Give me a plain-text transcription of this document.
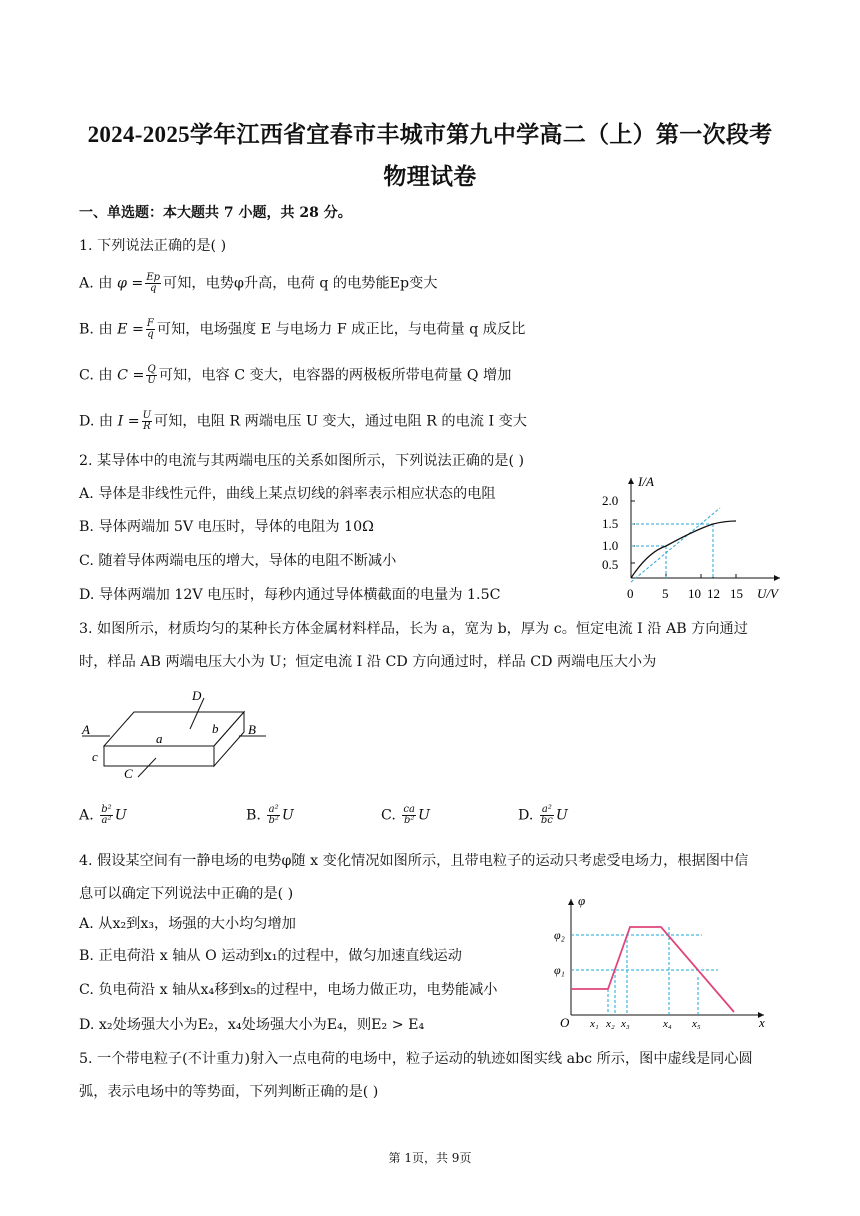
2024-2025学年江西省宜春市丰城市第九中学高二（上）第一次段考
物理试卷
一、单选题：本大题共 7 小题，共 28 分。
1. 下列说法正确的是( )
A. 由 $\varphi = \frac{Ep}{q}$ 可知，电势φ升高，电荷 q 的电势能Ep变大
B. 由 $E = \frac{F}{q}$ 可知，电场强度 E 与电场力 F 成正比，与电荷量 q 成反比
C. 由 $C = \frac{Q}{U}$ 可知，电容 C 变大，电容器的两极板所带电荷量 Q 增加
D. 由 $I = \frac{U}{R}$ 可知，电阻 R 两端电压 U 变大，通过电阻 R 的电流 I 变大
2. 某导体中的电流与其两端电压的关系如图所示，下列说法正确的是( )
A. 导体是非线性元件，曲线上某点切线的斜率表示相应状态的电阻
B. 导体两端加 5V 电压时，导体的电阻为 10Ω
C. 随着导体两端电压的增大，导体的电阻不断减小
D. 导体两端加 12V 电压时，每秒内通过导体横截面的电量为 1.5C
I/A
U/V
0
2.0
1.5
1.0
0.5
5 10 12 15
3. 如图所示，材质均匀的某种长方体金属材料样品，长为 a，宽为 b，厚为 c。恒定电流 I 沿 AB 方向通过
时，样品 AB 两端电压大小为 U；恒定电流 I 沿 CD 方向通过时，样品 CD 两端电压大小为
A	B
D
C
a
b
c
A. $\frac{\text{b²}}{\text{a²}}$ U	B. $\frac{\text{a²}}{\text{b²}}$ U	C. $\frac{ca}{\text{b²}}$ U	D. $\frac{\text{a²}}{bc}$ U
4. 假设某空间有一静电场的电势φ随 x 变化情况如图所示，且带电粒子的运动只考虑受电场力，根据图中信
息可以确定下列说法中正确的是( )
A. 从x₂到x₃，场强的大小均匀增加
B. 正电荷沿 x 轴从 O 运动到x₁的过程中，做匀加速直线运动
C. 负电荷沿 x 轴从x₄移到x₅的过程中，电场力做正功，电势能减小
D. x₂处场强大小为E₂，x₄处场强大小为E₄，则E₂ > E₄
φ
x
O
φ₂
φ₁
x₁ x₂ x₃	x₄ x₅
5. 一个带电粒子(不计重力)射入一点电荷的电场中，粒子运动的轨迹如图实线 abc 所示，图中虚线是同心圆
弧，表示电场中的等势面，下列判断正确的是( )
第 1页，共 9页
